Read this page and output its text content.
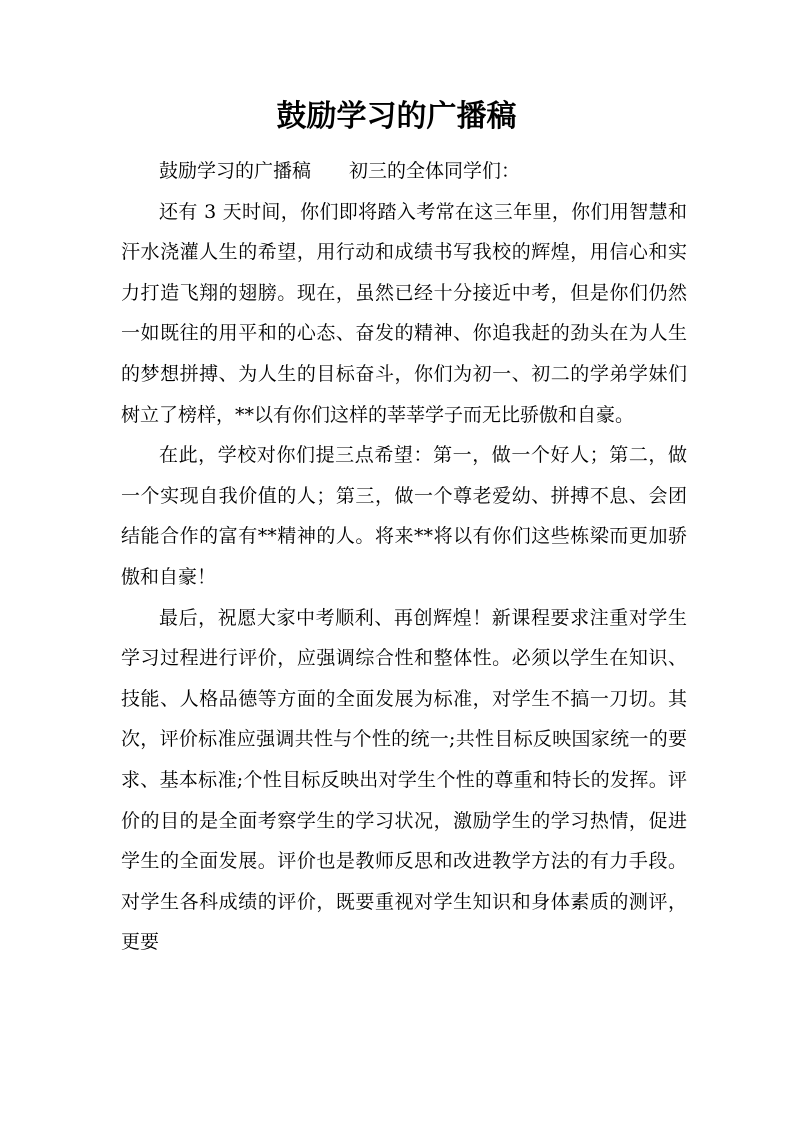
鼓励学习的广播稿

鼓励学习的广播稿　　初三的全体同学们：

还有 3 天时间，你们即将踏入考常在这三年里，你们用智慧和汗水浇灌人生的希望，用行动和成绩书写我校的辉煌，用信心和实力打造飞翔的翅膀。现在，虽然已经十分接近中考，但是你们仍然一如既往的用平和的心态、奋发的精神、你追我赶的劲头在为人生的梦想拼搏、为人生的目标奋斗，你们为初一、初二的学弟学妹们树立了榜样，**以有你们这样的莘莘学子而无比骄傲和自豪。

在此，学校对你们提三点希望：第一，做一个好人；第二，做一个实现自我价值的人；第三，做一个尊老爱幼、拼搏不息、会团结能合作的富有**精神的人。将来**将以有你们这些栋梁而更加骄傲和自豪！

最后，祝愿大家中考顺利、再创辉煌！新课程要求注重对学生学习过程进行评价，应强调综合性和整体性。必须以学生在知识、技能、人格品德等方面的全面发展为标准，对学生不搞一刀切。其次，评价标准应强调共性与个性的统一;共性目标反映国家统一的要求、基本标准;个性目标反映出对学生个性的尊重和特长的发挥。评价的目的是全面考察学生的学习状况，激励学生的学习热情，促进学生的全面发展。评价也是教师反思和改进教学方法的有力手段。对学生各科成绩的评价，既要重视对学生知识和身体素质的测评，更要
